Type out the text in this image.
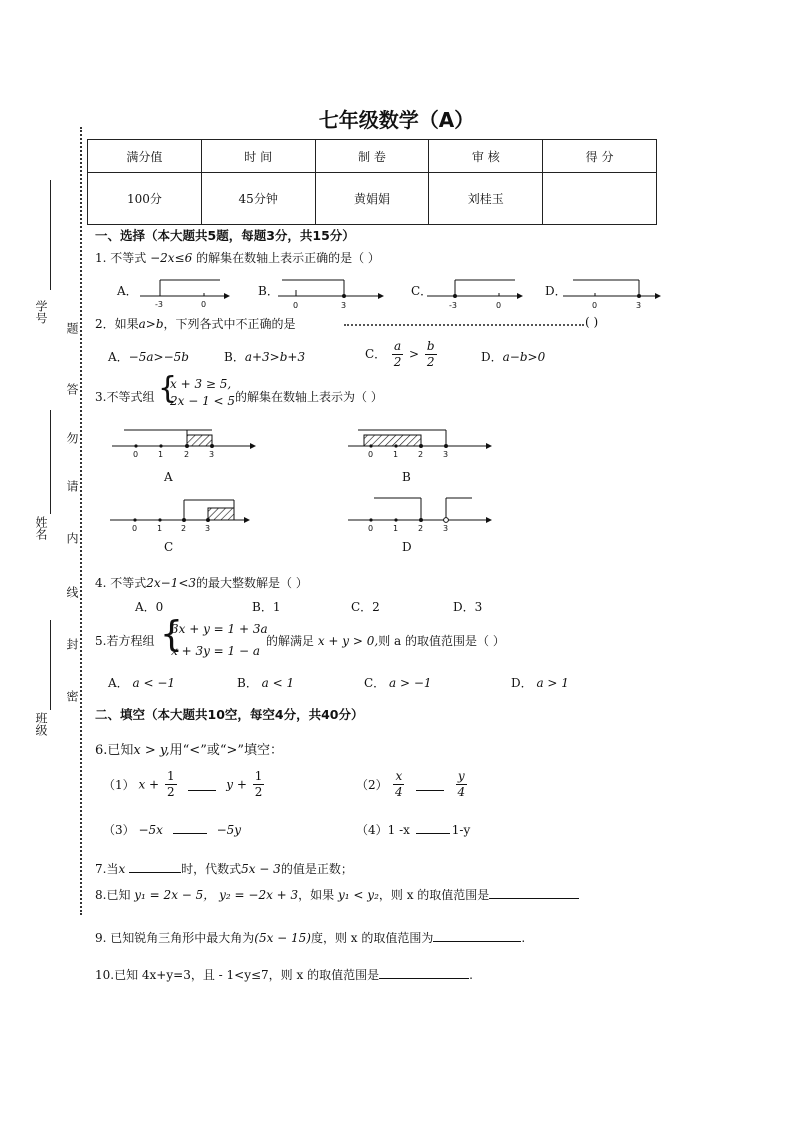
七年级数学（A）
学号
姓名
班级
题
答
勿
请
内
线
封
密
满分值	时 间	制 卷	审 核	得 分
100分	45分钟	黄娟娟	刘桂玉	
一、选择（本大题共5题，每题3分，共15分）
1. 不等式 −2x≤6 的解集在数轴上表示正确的是（ ）
A．
-3	0
B．
0	3
C．
-3	0
D．
0	3
2．如果a>b，下列各式中不正确的是	( )
A．−5a>−5b	B．a+3>b+3	C． $\frac{a}{2} > \frac{b}{2}$	D．a−b>0
3.不等式组 {
x + 3 ≥ 5,
2x − 1 < 5 的解集在数轴上表示为（ ）
0 1	2 3
A
0 1 2 3
B
0 1 2 3
C
0 1 2 3
D
4. 不等式2x−1<3的最大整数解是（ ）
A．0	B．1	C．2	D．3
5.若方程组 {
3x + y = 1 + 3a
x + 3y = 1 − a
的解满足 x + y > 0,则 a 的取值范围是（ ）
A． a < −1	B． a < 1	C． a > −1	D． a > 1
二、填空（本大题共10空，每空4分，共40分）
6.已知x > y,用“<”或“>”填空：
（1） $x + \frac{1}{2}$	$y + \frac{1}{2}$	$(2) \frac{x}{4}$
	$\frac{y}{4}$
（3） −5x	−5y	（4）1 -x	1-y
7.当x	时，代数式5x − 3的值是正数；
8.已知 y₁ = 2x − 5， y₂ = −2x + 3，如果 y₁ < y₂，则 x 的取值范围是
9. 已知锐角三角形中最大角为(5x − 15)度，则 x 的取值范围为	.
10.已知 4x+y=3，且 - 1<y≤7，则 x 的取值范围是	.
